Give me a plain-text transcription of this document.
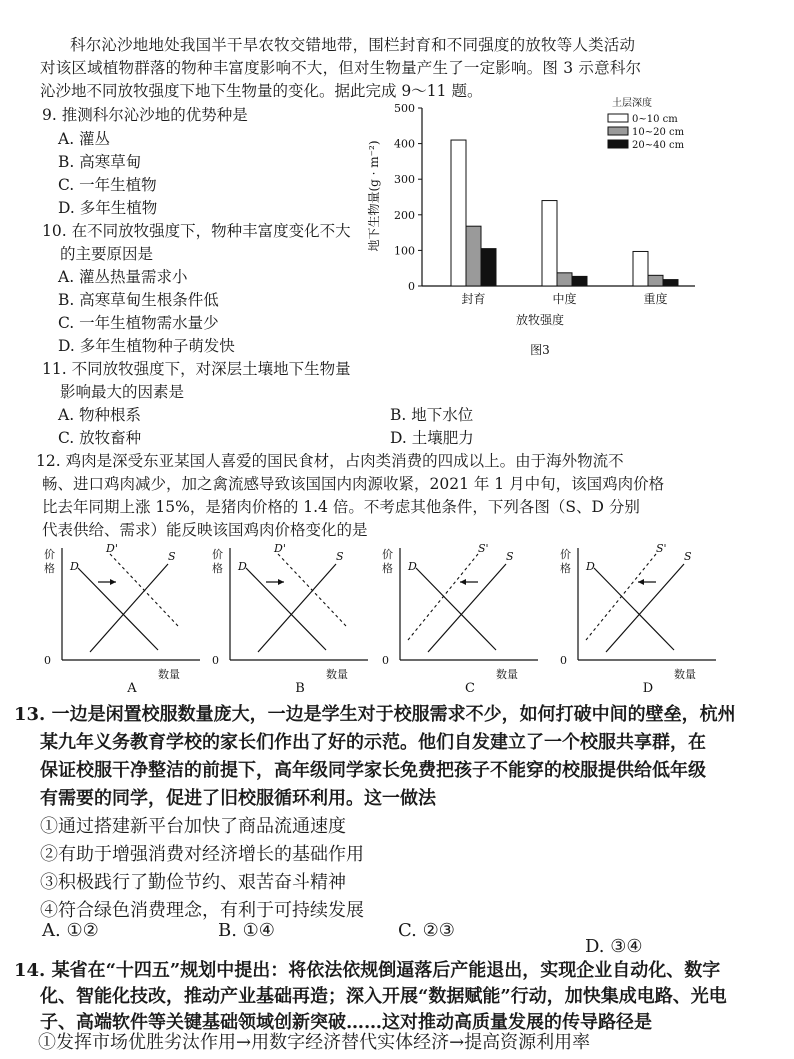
科尔沁沙地地处我国半干旱农牧交错地带，围栏封育和不同强度的放牧等人类活动
对该区域植物群落的物种丰富度影响不大，但对生物量产生了一定影响。图 3 示意科尔
沁沙地不同放牧强度下地下生物量的变化。据此完成 9～11 题。
9. 推测科尔沁沙地的优势种是
A. 灌丛
B. 高寒草甸
C. 一年生植物
D. 多年生植物
10. 在不同放牧强度下，物种丰富度变化不大
的主要原因是
A. 灌丛热量需求小
B. 高寒草甸生根条件低
C. 一年生植物需水量少
D. 多年生植物种子萌发快
11. 不同放牧强度下，对深层土壤地下生物量
影响最大的因素是
A. 物种根系	B. 地下水位
C. 放牧畜种	D. 土壤肥力
0
100
200
300
400
500
封育	中度	重度
土层深度
0~10 cm
10~20 cm
20~40 cm
地下生物量(g · m⁻²)
放牧强度
图3
12. 鸡肉是深受东亚某国人喜爱的国民食材，占肉类消费的四成以上。由于海外物流不
畅、进口鸡肉减少，加之禽流感导致该国国内肉源收紧，2021 年 1 月中旬，该国鸡肉价格
比去年同期上涨 15%，是猪肉价格的 1.4 倍。不考虑其他条件，下列各图（S、D 分别
代表供给、需求）能反映该国鸡肉价格变化的是
价
格
0
数量
D
S
D'
A
价
格
0
数量
D
S
D'
B
价
格
0
数量
D
S
S'
C
价
格
0
数量
D
S
S'
D
13. 一边是闲置校服数量庞大，一边是学生对于校服需求不少，如何打破中间的壁垒，杭州
某九年义务教育学校的家长们作出了好的示范。他们自发建立了一个校服共享群，在
保证校服干净整洁的前提下，高年级同学家长免费把孩子不能穿的校服提供给低年级
有需要的同学，促进了旧校服循环利用。这一做法
①通过搭建新平台加快了商品流通速度
②有助于增强消费对经济增长的基础作用
③积极践行了勤俭节约、艰苦奋斗精神
④符合绿色消费理念，有利于可持续发展
A. ①②	B. ①④	C. ②③
D. ③④
14. 某省在“十四五”规划中提出：将依法依规倒逼落后产能退出，实现企业自动化、数字
化、智能化技改，推动产业基础再造；深入开展“数据赋能”行动，加快集成电路、光电
子、高端软件等关键基础领域创新突破……这对推动高质量发展的传导路径是
①发挥市场优胜劣汰作用→用数字经济替代实体经济→提高资源利用率
